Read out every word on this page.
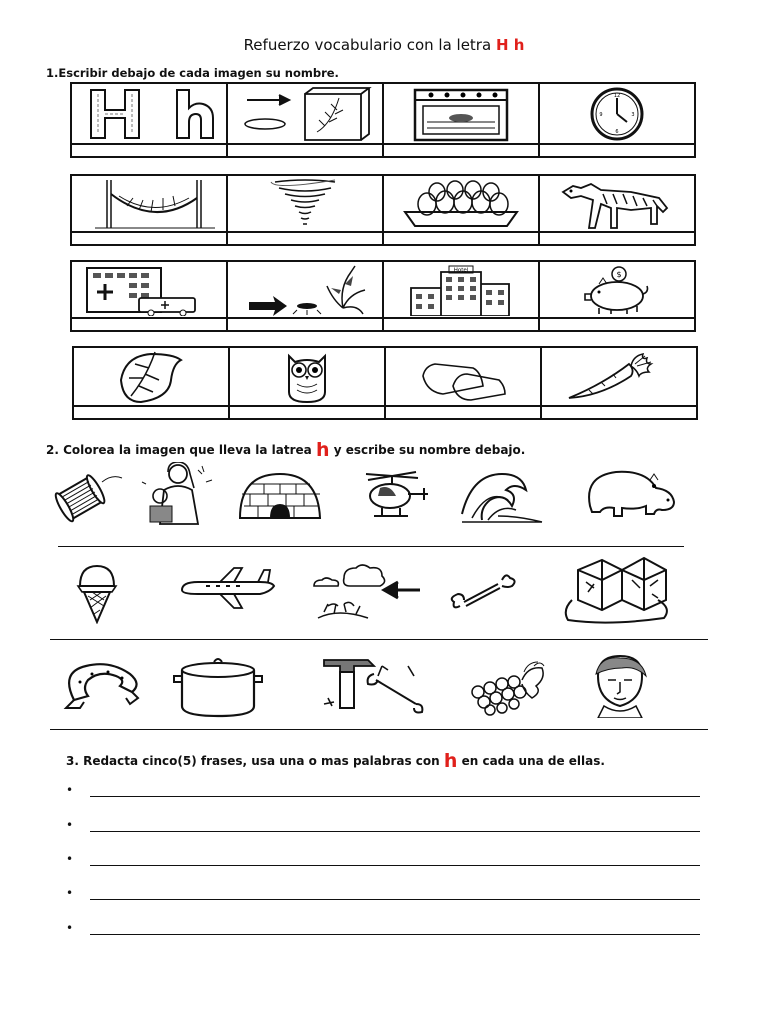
Refuerzo vocabulario con la letra H h
1.Escribir debajo de cada imagen su nombre.
12
3
6
9
Hotel	$
2. Colorea la imagen que lleva la latrea h y escribe su nombre debajo.
3. Redacta cinco(5) frases, usa una o mas palabras con h en cada una de ellas.
•
•
•
•
•
